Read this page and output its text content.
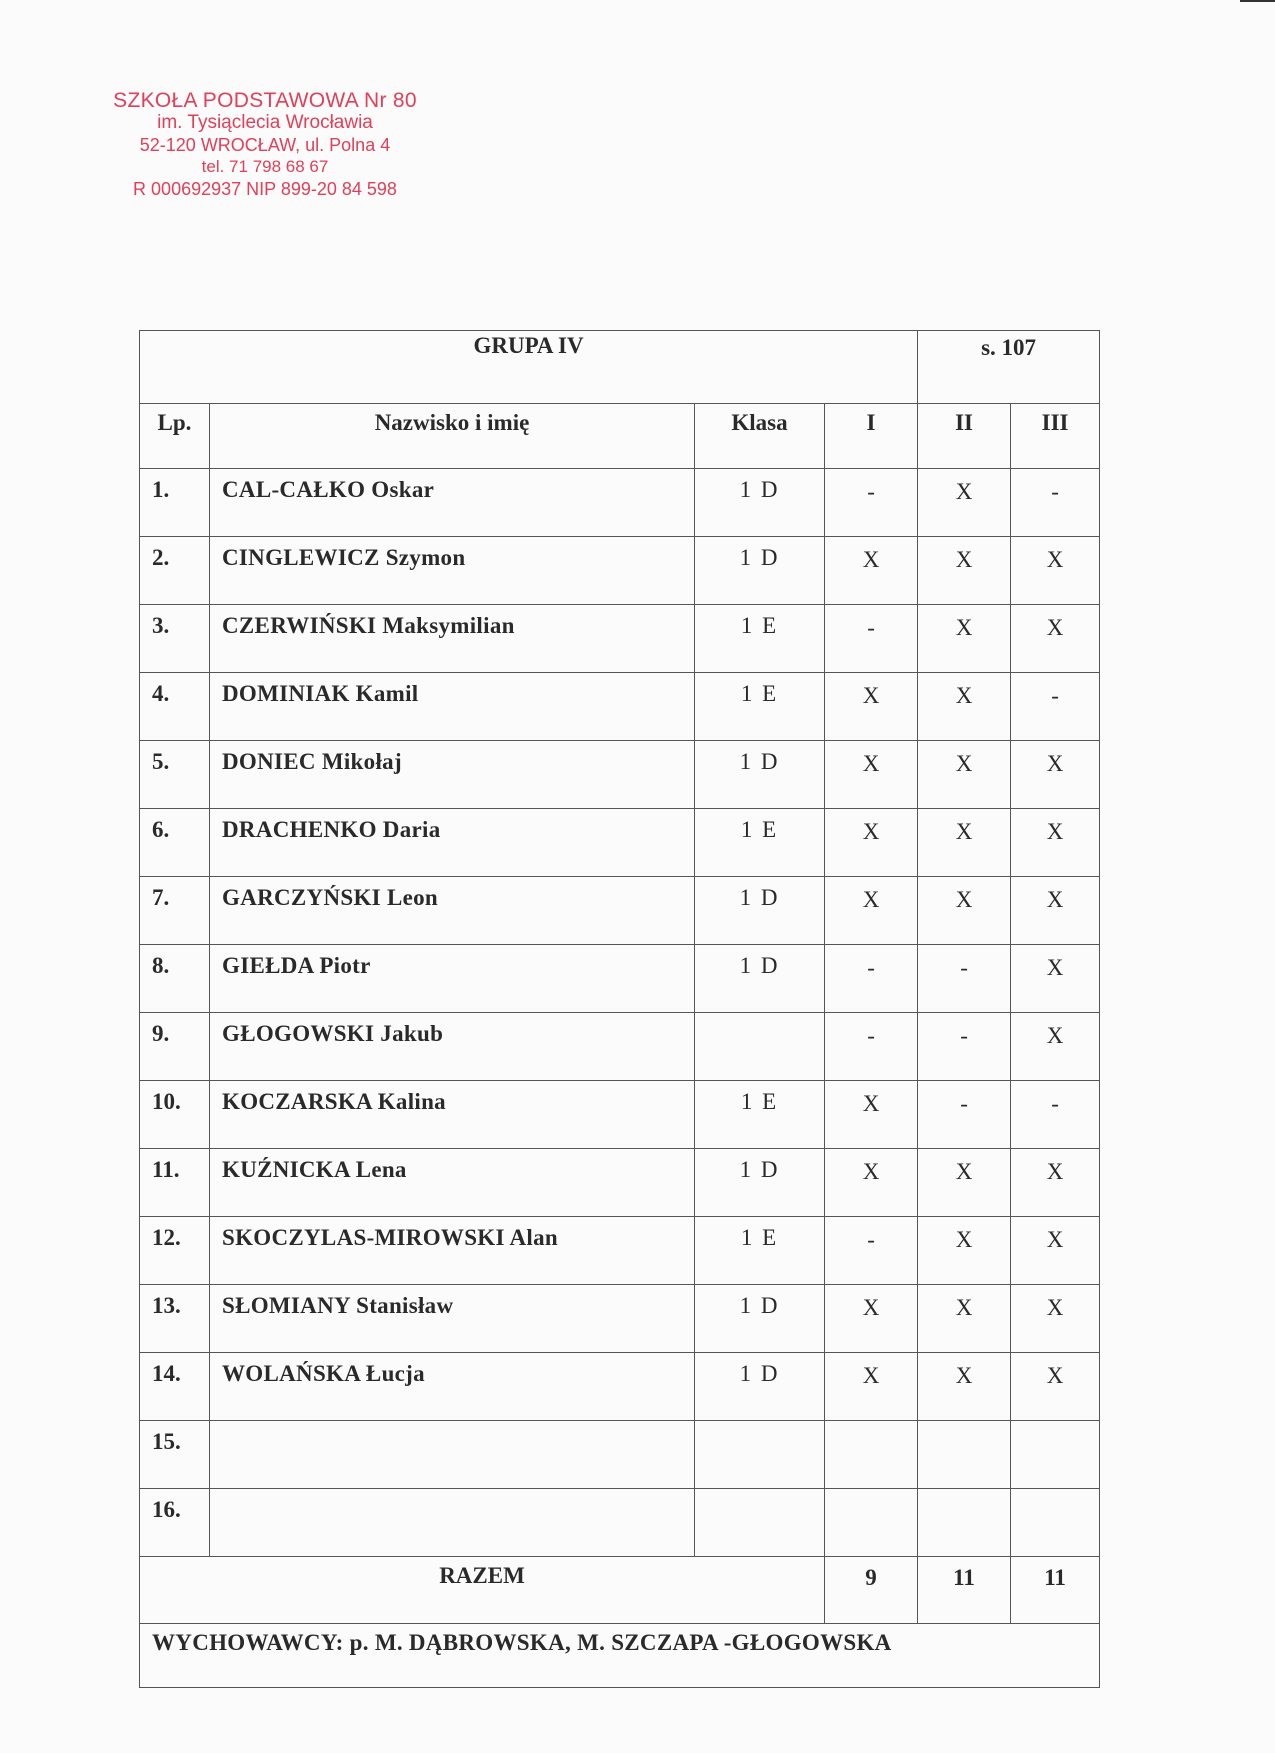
SZKOŁA PODSTAWOWA Nr 80
im. Tysiąclecia Wrocławia
52-120 WROCŁAW, ul. Polna 4
tel. 71 798 68 67
R 000692937 NIP 899-20 84 598
GRUPA IV				s. 107	
Lp.	Nazwisko i imię	Klasa	I	II	III
1.	CAL-CAŁKO Oskar	1 D	-	X	-
2.	CINGLEWICZ Szymon	1 D	X	X	X
3.	CZERWIŃSKI Maksymilian	1 E	-	X	X
4.	DOMINIAK Kamil	1 E	X	X	-
5.	DONIEC Mikołaj	1 D	X	X	X
6.	DRACHENKO Daria	1 E	X	X	X
7.	GARCZYŃSKI Leon	1 D	X	X	X
8.	GIEŁDA Piotr	1 D	-	-	X
9.	GŁOGOWSKI Jakub		-	-	X
10.	KOCZARSKA Kalina	1 E	X	-	-
11.	KUŹNICKA Lena	1 D	X	X	X
12.	SKOCZYLAS-MIROWSKI Alan	1 E	-	X	X
13.	SŁOMIANY Stanisław	1 D	X	X	X
14.	WOLAŃSKA Łucja	1 D	X	X	X
15.					
16.					
RAZEM			9	11	11
WYCHOWAWCY: p. M. DĄBROWSKA, M. SZCZAPA -GŁOGOWSKA					
